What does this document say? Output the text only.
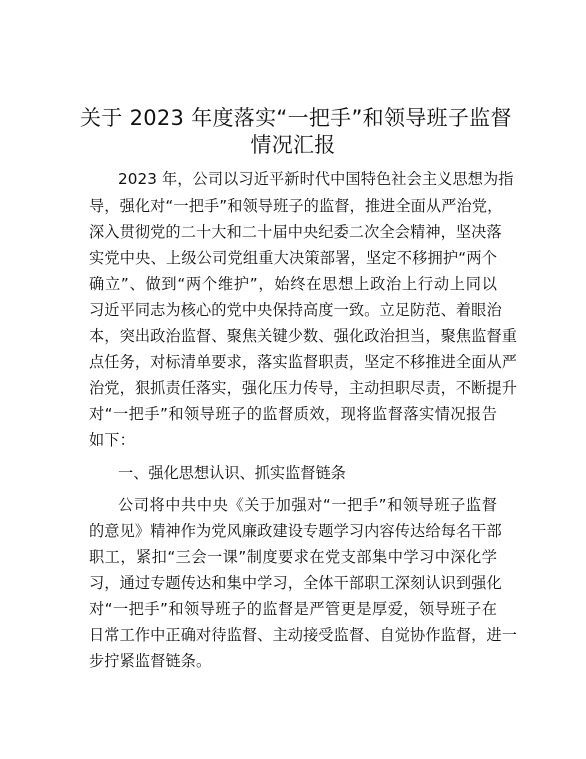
关于 2023 年度落实“一把手”和领导班子监督
情况汇报
2023 年，公司以习近平新时代中国特色社会主义思想为指
导，强化对“一把手”和领导班子的监督，推进全面从严治党，
深入贯彻党的二十大和二十届中央纪委二次全会精神，坚决落
实党中央、上级公司党组重大决策部署，坚定不移拥护“两个
确立”、做到“两个维护”，始终在思想上政治上行动上同以
习近平同志为核心的党中央保持高度一致。立足防范、着眼治
本，突出政治监督、聚焦关键少数、强化政治担当，聚焦监督重
点任务，对标清单要求，落实监督职责，坚定不移推进全面从严
治党，狠抓责任落实，强化压力传导，主动担职尽责，不断提升
对“一把手”和领导班子的监督质效，现将监督落实情况报告
如下：
一、强化思想认识、抓实监督链条
公司将中共中央《关于加强对“一把手”和领导班子监督
的意见》精神作为党风廉政建设专题学习内容传达给每名干部
职工，紧扣“三会一课”制度要求在党支部集中学习中深化学
习，通过专题传达和集中学习，全体干部职工深刻认识到强化
对“一把手”和领导班子的监督是严管更是厚爱，领导班子在
日常工作中正确对待监督、主动接受监督、自觉协作监督，进一
步拧紧监督链条。
